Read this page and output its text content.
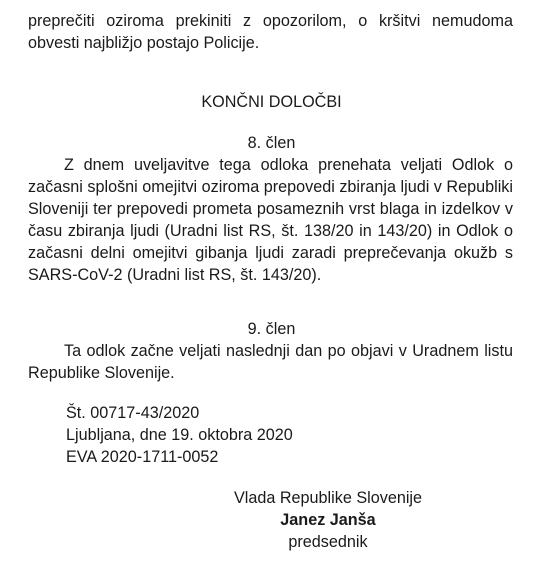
preprečiti oziroma prekiniti z opozorilom, o kršitvi nemudoma obvesti najbližjo postajo Policije.

KONČNI DOLOČBI

8. člen

Z dnem uveljavitve tega odloka prenehata veljati Odlok o začasni splošni omejitvi oziroma prepovedi zbiranja ljudi v Republiki Sloveniji ter prepovedi prometa posameznih vrst blaga in izdelkov v času zbiranja ljudi (Uradni list RS, št. 138/20 in 143/20) in Odlok o začasni delni omejitvi gibanja ljudi zaradi preprečevanja okužb s SARS-CoV-2 (Uradni list RS, št. 143/20).

9. člen

Ta odlok začne veljati naslednji dan po objavi v Uradnem listu Republike Slovenije.

Št. 00717-43/2020

Ljubljana, dne 19. oktobra 2020

EVA 2020-1711-0052

Vlada Republike Slovenije

Janez Janša

predsednik
